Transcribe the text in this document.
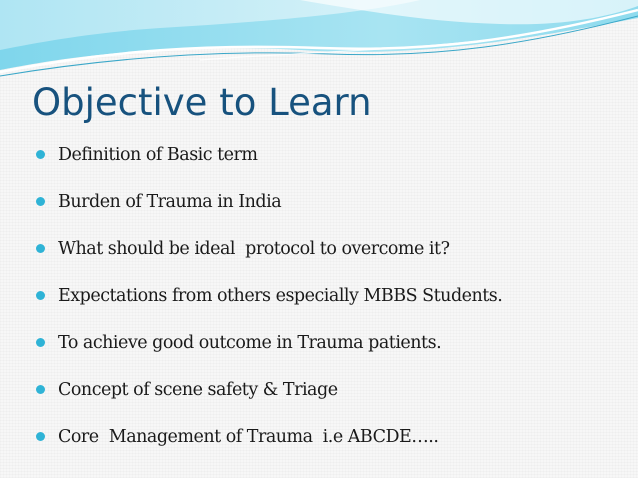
Objective to Learn
Definition of Basic term
Burden of Trauma in India
What should be ideal  protocol to overcome it?
Expectations from others especially MBBS Students.
To achieve good outcome in Trauma patients.
Concept of scene safety & Triage
Core  Management of Trauma  i.e ABCDE…..
